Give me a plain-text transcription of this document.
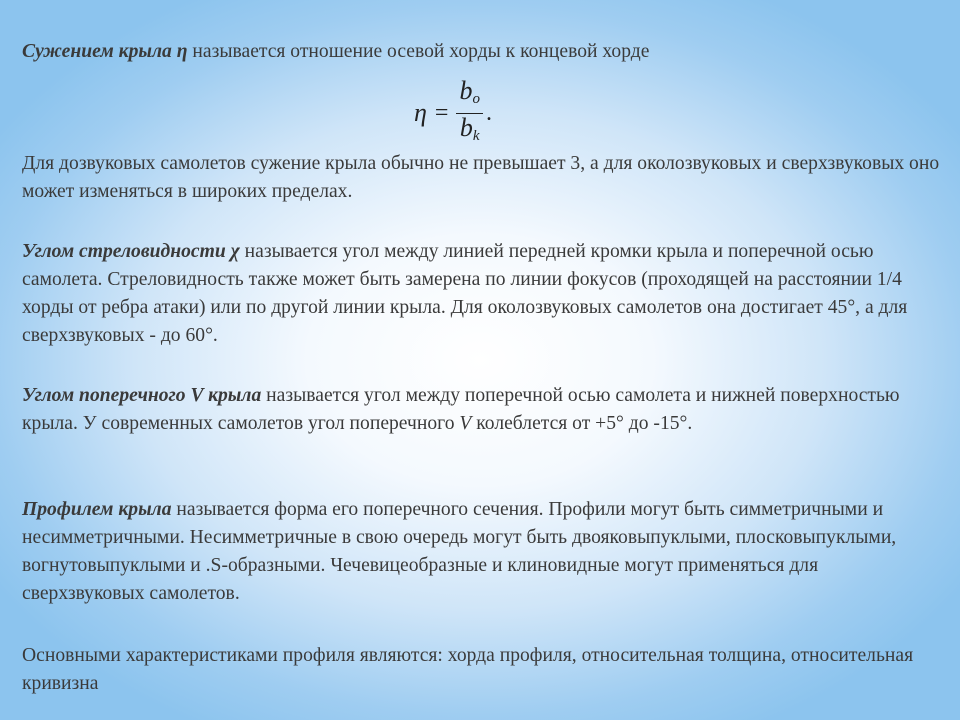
Сужением крыла η называется отношение осевой хорды к концевой хорде
$\eta = \frac{b_o}{b_k}$ .
Для дозвуковых самолетов сужение крыла обычно не превышает 3, а для околозвуковых и сверхзвуковых оно может изменяться в широких пределах.
Углом стреловидности χ называется угол между линией передней кромки крыла и поперечной осью самолета. Стреловидность также может быть замерена по линии фокусов (проходящей на расстоянии 1/4 хорды от ребра атаки) или по другой линии крыла. Для околозвуковых самолетов она достигает 45°, а для сверхзвуковых - до 60°.
Углом поперечного V крыла называется угол между поперечной осью самолета и нижней поверхностью крыла. У современных самолетов угол поперечного V колеблется от +5° до -15°.
Профилем крыла называется форма его поперечного сечения. Профили могут быть симметричными и несимметричными. Несимметричные в свою очередь могут быть двояковыпуклыми, плосковыпуклыми, вогнутовыпуклыми и .S-образными. Чечевицеобразные и клиновидные могут применяться для сверхзвуковых самолетов.
Основными характеристиками профиля являются: хорда профиля, относительная толщина, относительная кривизна
